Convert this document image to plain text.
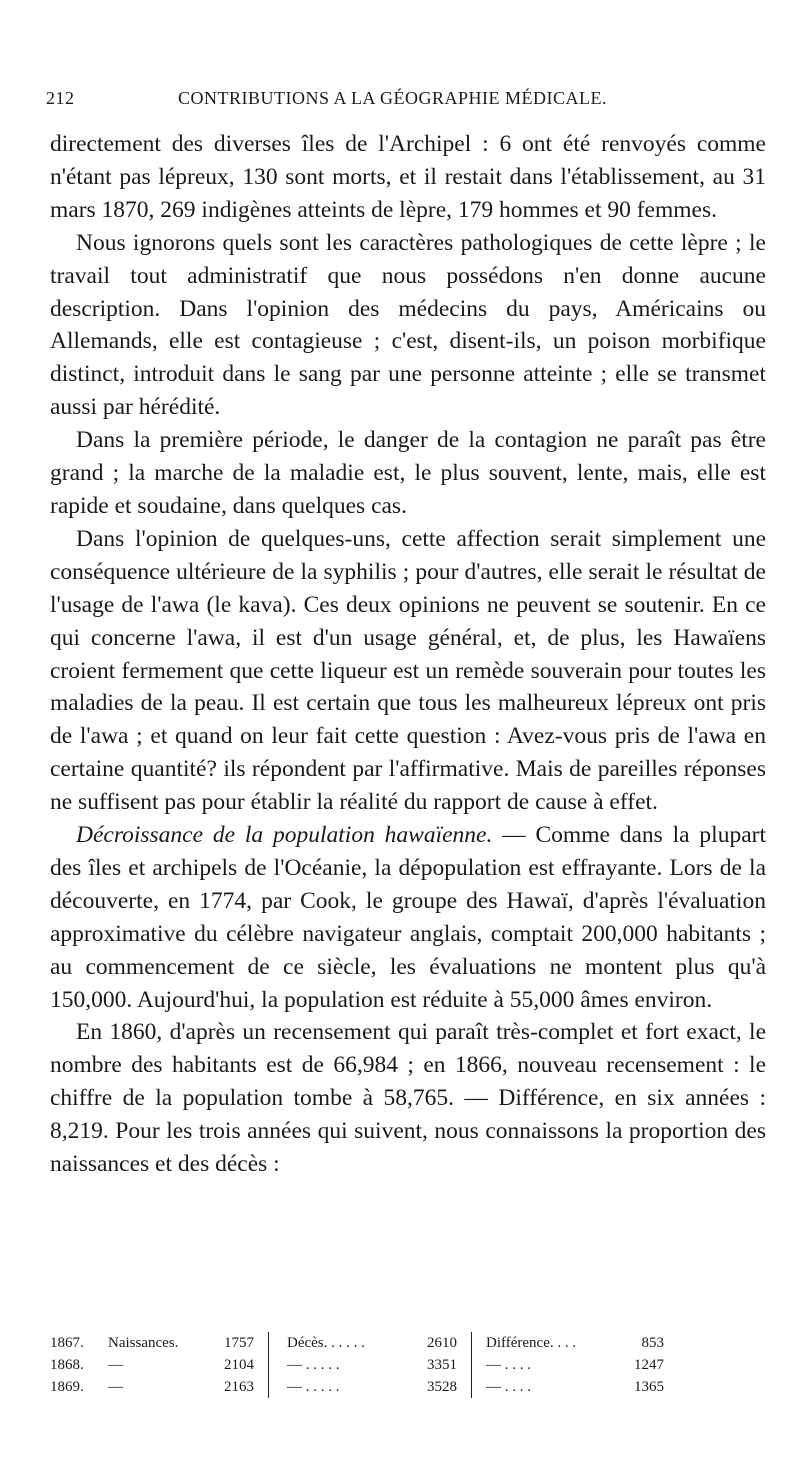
212	CONTRIBUTIONS A LA GÉOGRAPHIE MÉDICALE.

directement des diverses îles de l'Archipel : 6 ont été renvoyés comme n'étant pas lépreux, 130 sont morts, et il restait dans l'établissement, au 31 mars 1870, 269 indigènes atteints de lèpre, 179 hommes et 90 femmes.

Nous ignorons quels sont les caractères pathologiques de cette lèpre ; le travail tout administratif que nous possédons n'en donne aucune description. Dans l'opinion des médecins du pays, Américains ou Allemands, elle est contagieuse ; c'est, disent-ils, un poison morbifique distinct, introduit dans le sang par une personne atteinte ; elle se transmet aussi par hérédité.

Dans la première période, le danger de la contagion ne paraît pas être grand ; la marche de la maladie est, le plus souvent, lente, mais, elle est rapide et soudaine, dans quelques cas.

Dans l'opinion de quelques-uns, cette affection serait simplement une conséquence ultérieure de la syphilis ; pour d'autres, elle serait le résultat de l'usage de l'awa (le kava). Ces deux opinions ne peuvent se soutenir. En ce qui concerne l'awa, il est d'un usage général, et, de plus, les Hawaïens croient fermement que cette liqueur est un remède souverain pour toutes les maladies de la peau. Il est certain que tous les malheureux lépreux ont pris de l'awa ; et quand on leur fait cette question : Avez-vous pris de l'awa en certaine quantité? ils répondent par l'affirmative. Mais de pareilles réponses ne suffisent pas pour établir la réalité du rapport de cause à effet.

Décroissance de la population hawaïenne. — Comme dans la plupart des îles et archipels de l'Océanie, la dépopulation est effrayante. Lors de la découverte, en 1774, par Cook, le groupe des Hawaï, d'après l'évaluation approximative du célèbre navigateur anglais, comptait 200,000 habitants ; au commencement de ce siècle, les évaluations ne montent plus qu'à 150,000. Aujourd'hui, la population est réduite à 55,000 âmes environ.

En 1860, d'après un recensement qui paraît très-complet et fort exact, le nombre des habitants est de 66,984 ; en 1866, nouveau recensement : le chiffre de la population tombe à 58,765. — Différence, en six années : 8,219. Pour les trois années qui suivent, nous connaissons la proportion des naissances et des décès :

1867.	Naissances.	1757	Décès. . . . . .	2610	Différence. . . .	853
1868.	—	2104	— . . . . .	3351	— . . . .	1247
1869.	—	2163	— . . . . .	3528	— . . . .	1365
